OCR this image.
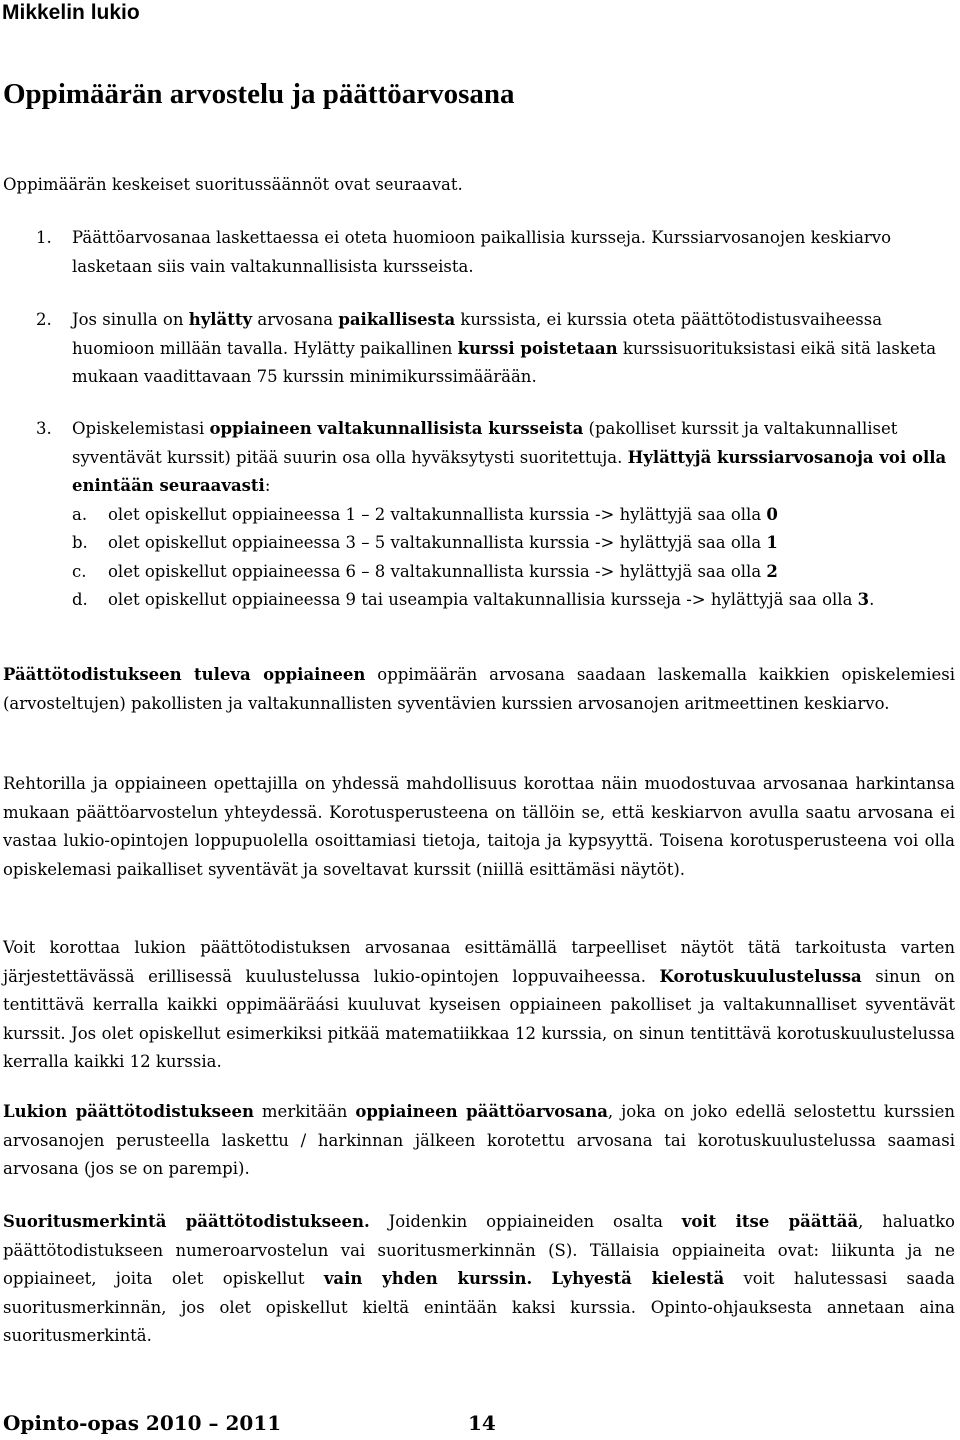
Mikkelin lukio
Oppimäärän arvostelu ja päättöarvosana
Oppimäärän keskeiset suoritussäännöt ovat seuraavat.
1. Päättöarvosanaa laskettaessa ei oteta huomioon paikallisia kursseja. Kurssiarvosanojen keskiarvo lasketaan siis vain valtakunnallisista kursseista.
2. Jos sinulla on hylätty arvosana paikallisesta kurssista, ei kurssia oteta päättötodistusvaiheessa huomioon millään tavalla. Hylätty paikallinen kurssi poistetaan kurssisuorituksistasi eikä sitä lasketa mukaan vaadittavaan 75 kurssin minimikurssimäärään.
3. Opiskelemistasi oppiaineen valtakunnallisista kursseista (pakolliset kurssit ja valtakunnalliset syventävät kurssit) pitää suurin osa olla hyväksytysti suoritettuja. Hylättyjä kurssiarvosanoja voi olla enintään seuraavasti:
a.	olet opiskellut oppiaineessa 1 – 2 valtakunnallista kurssia -> hylättyjä saa olla 0
b.	olet opiskellut oppiaineessa 3 – 5 valtakunnallista kurssia -> hylättyjä saa olla 1
c.	olet opiskellut oppiaineessa 6 – 8 valtakunnallista kurssia -> hylättyjä saa olla 2
d.	olet opiskellut oppiaineessa 9 tai useampia valtakunnallisia kursseja -> hylättyjä saa olla 3.
Päättötodistukseen tuleva oppiaineen oppimäärän arvosana saadaan laskemalla kaikkien opiskelemiesi (arvosteltujen) pakollisten ja valtakunnallisten syventävien kurssien arvosanojen aritmeettinen keskiarvo.
Rehtorilla ja oppiaineen opettajilla on yhdessä mahdollisuus korottaa näin muodostuvaa arvosanaa harkintansa mukaan päättöarvostelun yhteydessä. Korotusperusteena on tällöin se, että keskiarvon avulla saatu arvosana ei vastaa lukio-opintojen loppupuolella osoittamiasi tietoja, taitoja ja kypsyyttä. Toisena korotusperusteena voi olla opiskelemasi paikalliset syventävät ja soveltavat kurssit (niillä esittämäsi näytöt).
Voit korottaa lukion päättötodistuksen arvosanaa esittämällä tarpeelliset näytöt tätä tarkoitusta varten järjestettävässä erillisessä kuulustelussa lukio-opintojen loppuvaiheessa. Korotuskuulustelussa sinun on tentittävä kerralla kaikki oppimääräási kuuluvat kyseisen oppiaineen pakolliset ja valtakunnalliset syventävät kurssit. Jos olet opiskellut esimerkiksi pitkää matematiikkaa 12 kurssia, on sinun tentittävä korotuskuulustelussa kerralla kaikki 12 kurssia.
Lukion päättötodistukseen merkitään oppiaineen päättöarvosana, joka on joko edellä selostettu kurssien arvosanojen perusteella laskettu / harkinnan jälkeen korotettu arvosana tai korotuskuulustelussa saamasi arvosana (jos se on parempi).
Suoritusmerkintä päättötodistukseen. Joidenkin oppiaineiden osalta voit itse päättää, haluatko päättötodistukseen numeroarvostelun vai suoritusmerkinnän (S). Tällaisia oppiaineita ovat: liikunta ja ne oppiaineet, joita olet opiskellut vain yhden kurssin. Lyhyestä kielestä voit halutessasi saada suoritusmerkinnän, jos olet opiskellut kieltä enintään kaksi kurssia. Opinto-ohjauksesta annetaan aina suoritusmerkintä.
Opinto-opas 2010 – 2011	14
